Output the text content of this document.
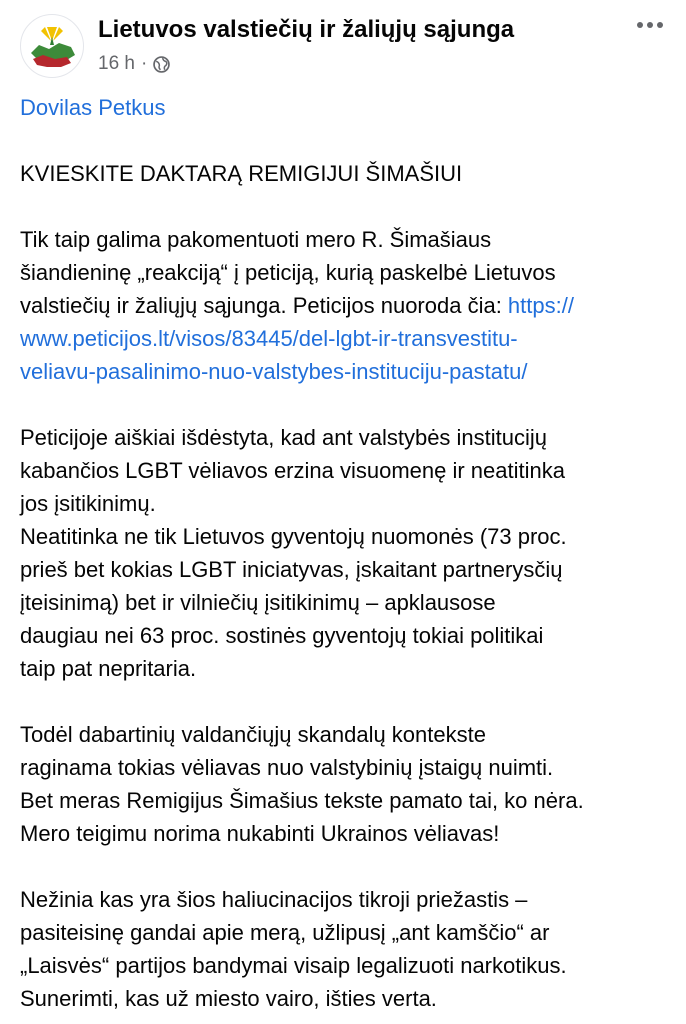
Lietuvos valstiečių ir žaliųjų sąjunga
16 h ·

Dovilas Petkus

KVIESKITE DAKTARĄ REMIGIJUI ŠIMAŠIUI

Tik taip galima pakomentuoti mero R. Šimašiaus

šiandieninę „reakciją“ į peticiją, kurią paskelbė Lietuvos

valstiečių ir žaliųjų sąjunga. Peticijos nuoroda čia: https://

www.peticijos.lt/visos/83445/del-lgbt-ir-transvestitu-

veliavu-pasalinimo-nuo-valstybes-instituciju-pastatu/

Peticijoje aiškiai išdėstyta, kad ant valstybės institucijų

kabančios LGBT vėliavos erzina visuomenę ir neatitinka

jos įsitikinimų.

Neatitinka ne tik Lietuvos gyventojų nuomonės (73 proc.

prieš bet kokias LGBT iniciatyvas, įskaitant partnerysčių

įteisinimą) bet ir vilniečių įsitikinimų – apklausose

daugiau nei 63 proc. sostinės gyventojų tokiai politikai

taip pat nepritaria.

Todėl dabartinių valdančiųjų skandalų kontekste

raginama tokias vėliavas nuo valstybinių įstaigų nuimti.

Bet meras Remigijus Šimašius tekste pamato tai, ko nėra.

Mero teigimu norima nukabinti Ukrainos vėliavas!

Nežinia kas yra šios haliucinacijos tikroji priežastis –

pasiteisinę gandai apie merą, užlipusį „ant kamščio“ ar

„Laisvės“ partijos bandymai visaip legalizuoti narkotikus.

Sunerimti, kas už miesto vairo, išties verta.
